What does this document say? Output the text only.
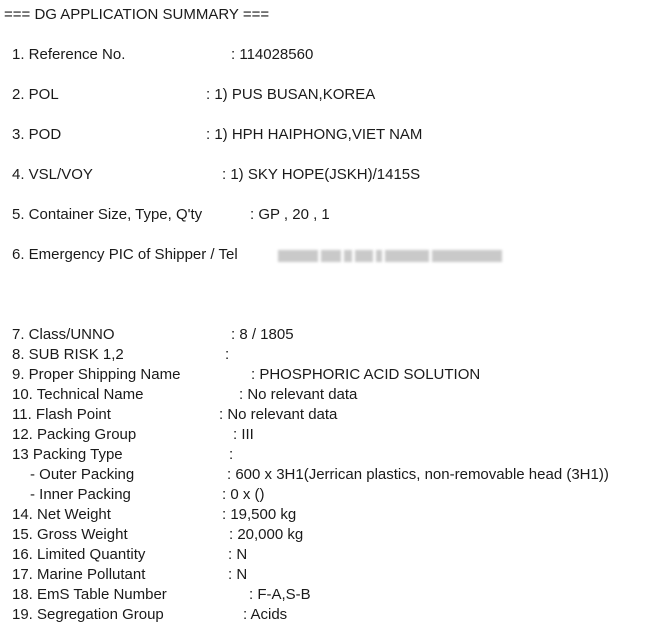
=== DG APPLICATION SUMMARY ===
1. Reference No.	: 114028560
2. POL	: 1) PUS BUSAN,KOREA
3. POD	: 1) HPH HAIPHONG,VIET NAM
4. VSL/VOY	: 1) SKY HOPE(JSKH)/1415S
5. Container Size, Type, Q'ty	: GP , 20 , 1
6. Emergency PIC of Shipper / Tel
7. Class/UNNO	: 8 / 1805
8. SUB RISK 1,2	:
9. Proper Shipping Name	: PHOSPHORIC ACID SOLUTION
10. Technical Name	: No relevant data
11. Flash Point	: No relevant data
12. Packing Group	: III
13 Packing Type	:
- Outer Packing	: 600 x 3H1(Jerrican plastics, non-removable head (3H1))
- Inner Packing	: 0 x ()
14. Net Weight	: 19,500 kg
15. Gross Weight	: 20,000 kg
16. Limited Quantity	: N
17. Marine Pollutant	: N
18. EmS Table Number	: F-A,S-B
19. Segregation Group	: Acids
